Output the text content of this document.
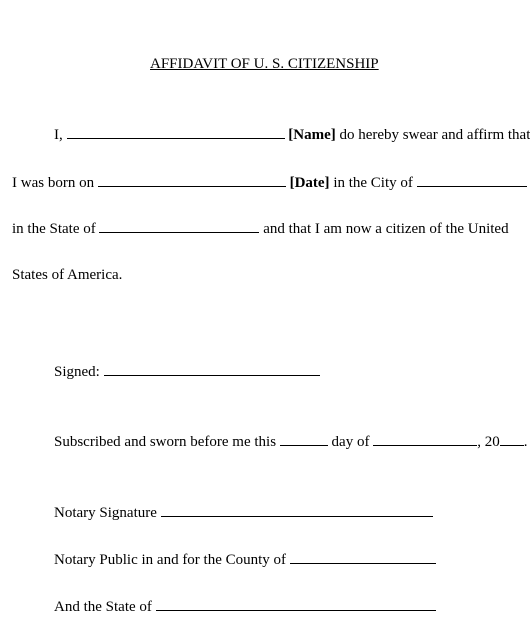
AFFIDAVIT OF U. S. CITIZENSHIP
I,	[Name] do hereby swear and affirm that
I was born on	[Date] in the City of
in the State of	and that I am now a citizen of the United
States of America.
Signed:
Subscribed and sworn before me this	day of	, 20 .
Notary Signature
Notary Public in and for the County of
And the State of
